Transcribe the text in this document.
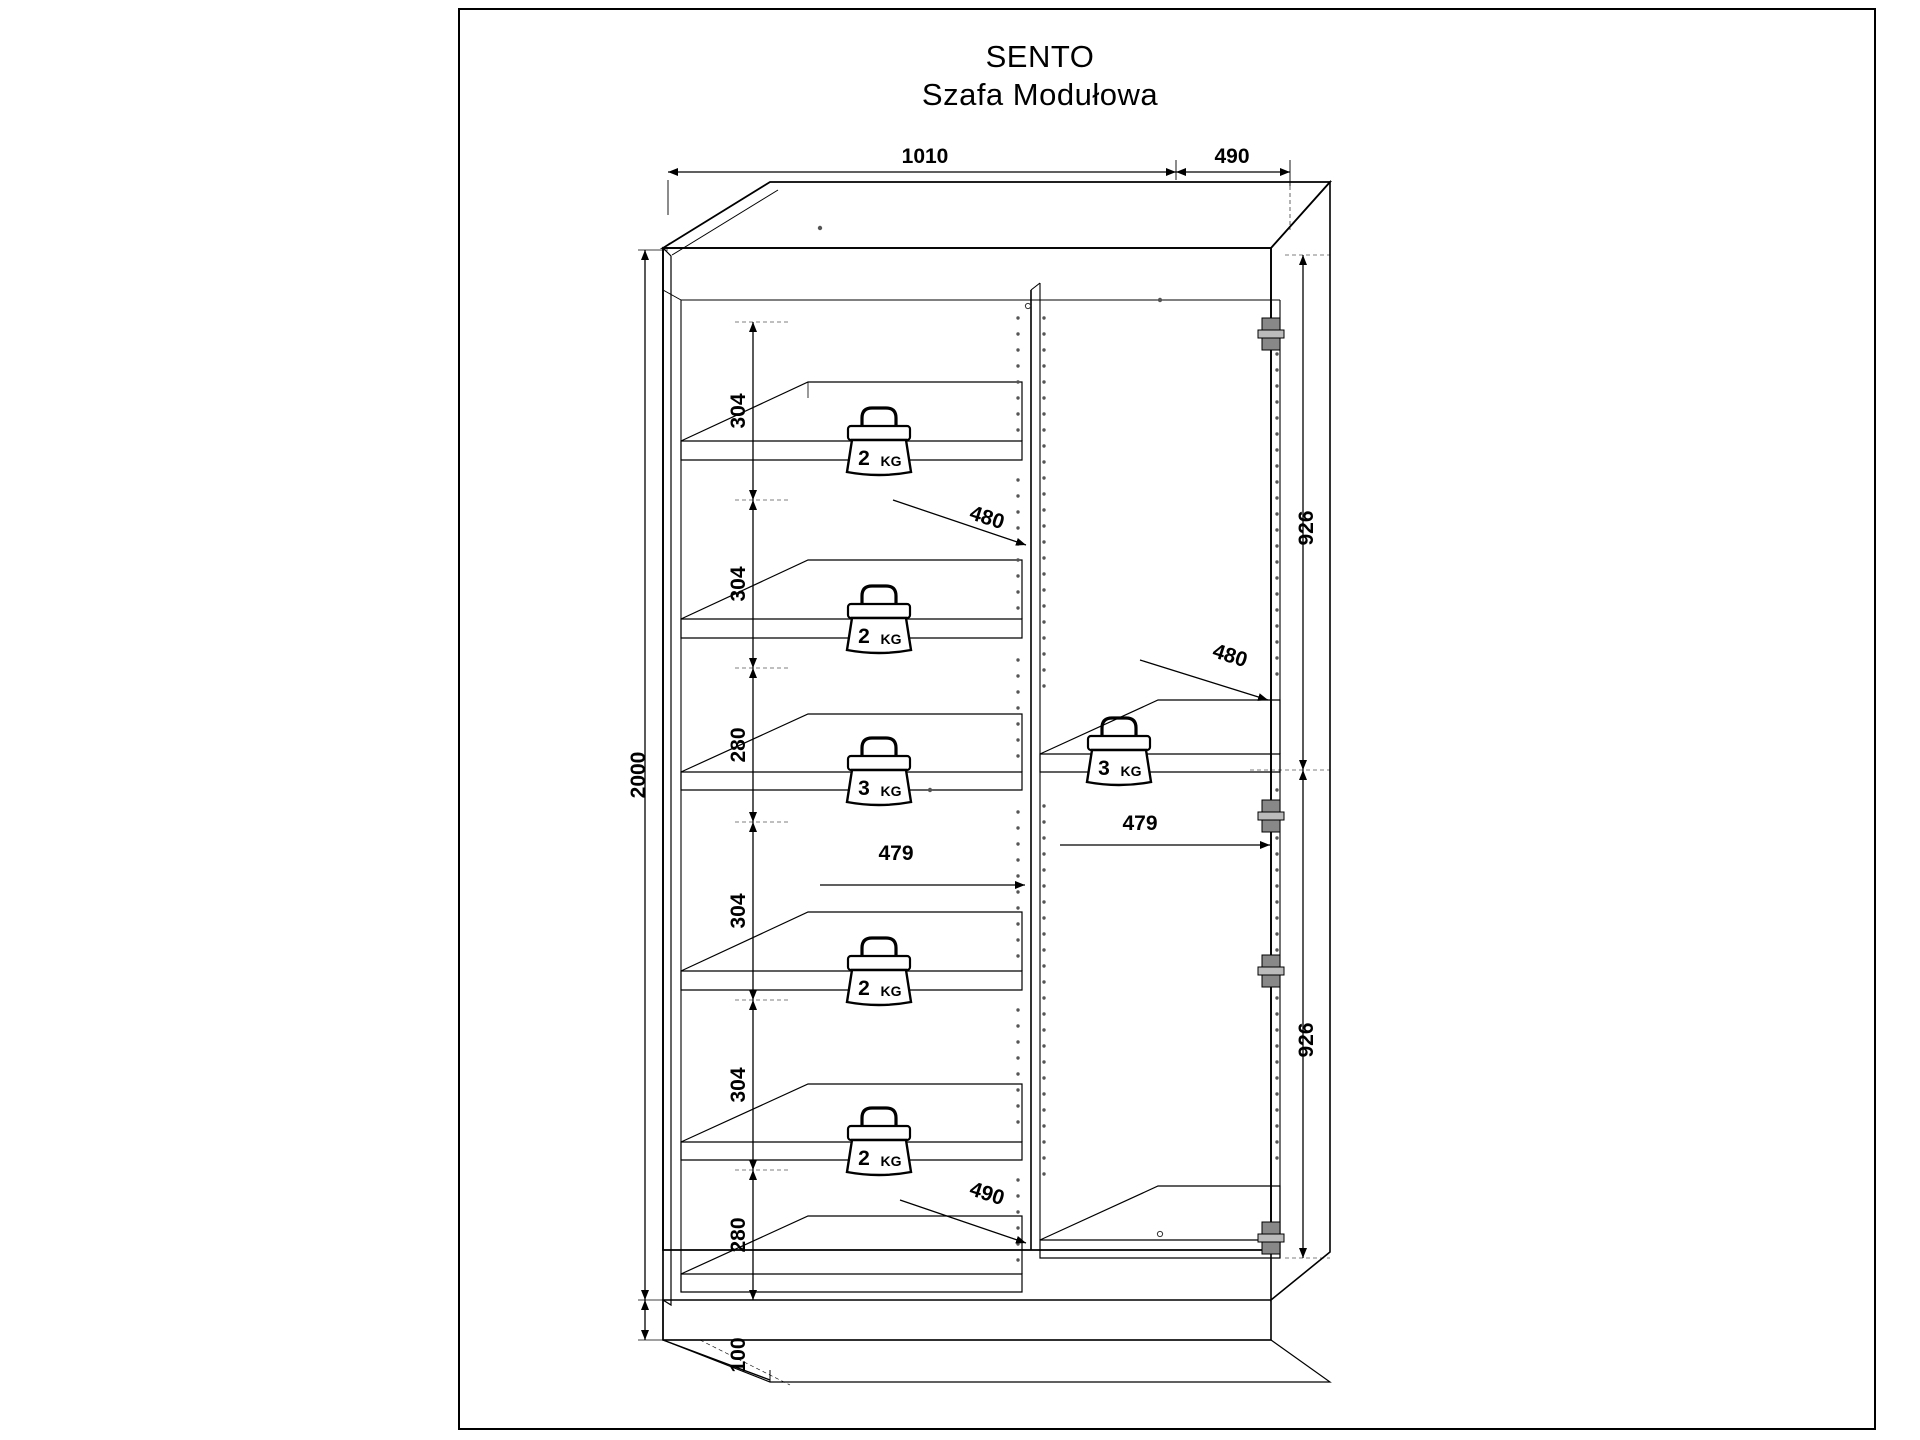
SENTO
Szafa Modułowa
1010	490
2000
100
304
304
280
304
304
280
926
926
480
480
479
479
490
2 KG
2 KG
3 KG
3 KG
2 KG
2 KG
